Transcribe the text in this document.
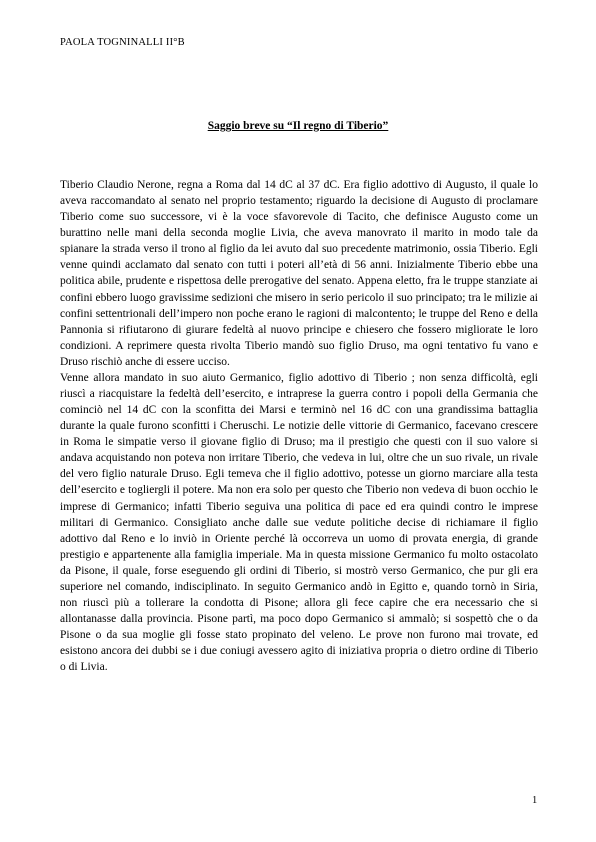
PAOLA TOGNINALLI II°B
Saggio breve su “Il regno di Tiberio”

Tiberio Claudio Nerone, regna a Roma dal 14 dC al 37 dC. Era figlio adottivo di Augusto, il quale lo aveva raccomandato al senato nel proprio testamento; riguardo la decisione di Augusto di proclamare Tiberio come suo successore, vi è la voce sfavorevole di Tacito, che definisce Augusto come un burattino nelle mani della seconda moglie Livia, che aveva manovrato il marito in modo tale da spianare la strada verso il trono al figlio da lei avuto dal suo precedente matrimonio, ossia Tiberio. Egli venne quindi acclamato dal senato con tutti i poteri all’età di 56 anni. Inizialmente Tiberio ebbe una politica abile, prudente e rispettosa delle prerogative del senato. Appena eletto, fra le truppe stanziate ai confini ebbero luogo gravissime sedizioni che misero in serio pericolo il suo principato; tra le milizie ai confini settentrionali dell’impero non poche erano le ragioni di malcontento; le truppe del Reno e della Pannonia si rifiutarono di giurare fedeltà al nuovo principe e chiesero che fossero migliorate le loro condizioni. A reprimere questa rivolta Tiberio mandò suo figlio Druso, ma ogni tentativo fu vano e Druso rischiò anche di essere ucciso.

Venne allora mandato in suo aiuto Germanico, figlio adottivo di Tiberio ; non senza difficoltà, egli riuscì a riacquistare la fedeltà dell’esercito, e intraprese la guerra contro i popoli della Germania che cominciò nel 14 dC con la sconfitta dei Marsi e terminò nel 16 dC con una grandissima battaglia durante la quale furono sconfitti i Cheruschi. Le notizie delle vittorie di Germanico, facevano crescere in Roma le simpatie verso il giovane figlio di Druso; ma il prestigio che questi con il suo valore si andava acquistando non poteva non irritare Tiberio, che vedeva in lui, oltre che un suo rivale, un rivale del vero figlio naturale Druso. Egli temeva che il figlio adottivo, potesse un giorno marciare alla testa dell’esercito e togliergli il potere. Ma non era solo per questo che Tiberio non vedeva di buon occhio le imprese di Germanico; infatti Tiberio seguiva una politica di pace ed era quindi contro le imprese militari di Germanico. Consigliato anche dalle sue vedute politiche decise di richiamare il figlio adottivo dal Reno e lo inviò in Oriente perché là occorreva un uomo di provata energia, di grande prestigio e appartenente alla famiglia imperiale. Ma in questa missione Germanico fu molto ostacolato da Pisone, il quale, forse eseguendo gli ordini di Tiberio, si mostrò verso Germanico, che pur gli era superiore nel comando, indisciplinato. In seguito Germanico andò in Egitto e, quando tornò in Siria, non riuscì più a tollerare la condotta di Pisone; allora gli fece capire che era necessario che si allontanasse dalla provincia. Pisone partì, ma poco dopo Germanico si ammalò; si sospettò che o da Pisone o da sua moglie gli fosse stato propinato del veleno. Le prove non furono mai trovate, ed esistono ancora dei dubbi se i due coniugi avessero agito di iniziativa propria o dietro ordine di Tiberio o di Livia.

1
